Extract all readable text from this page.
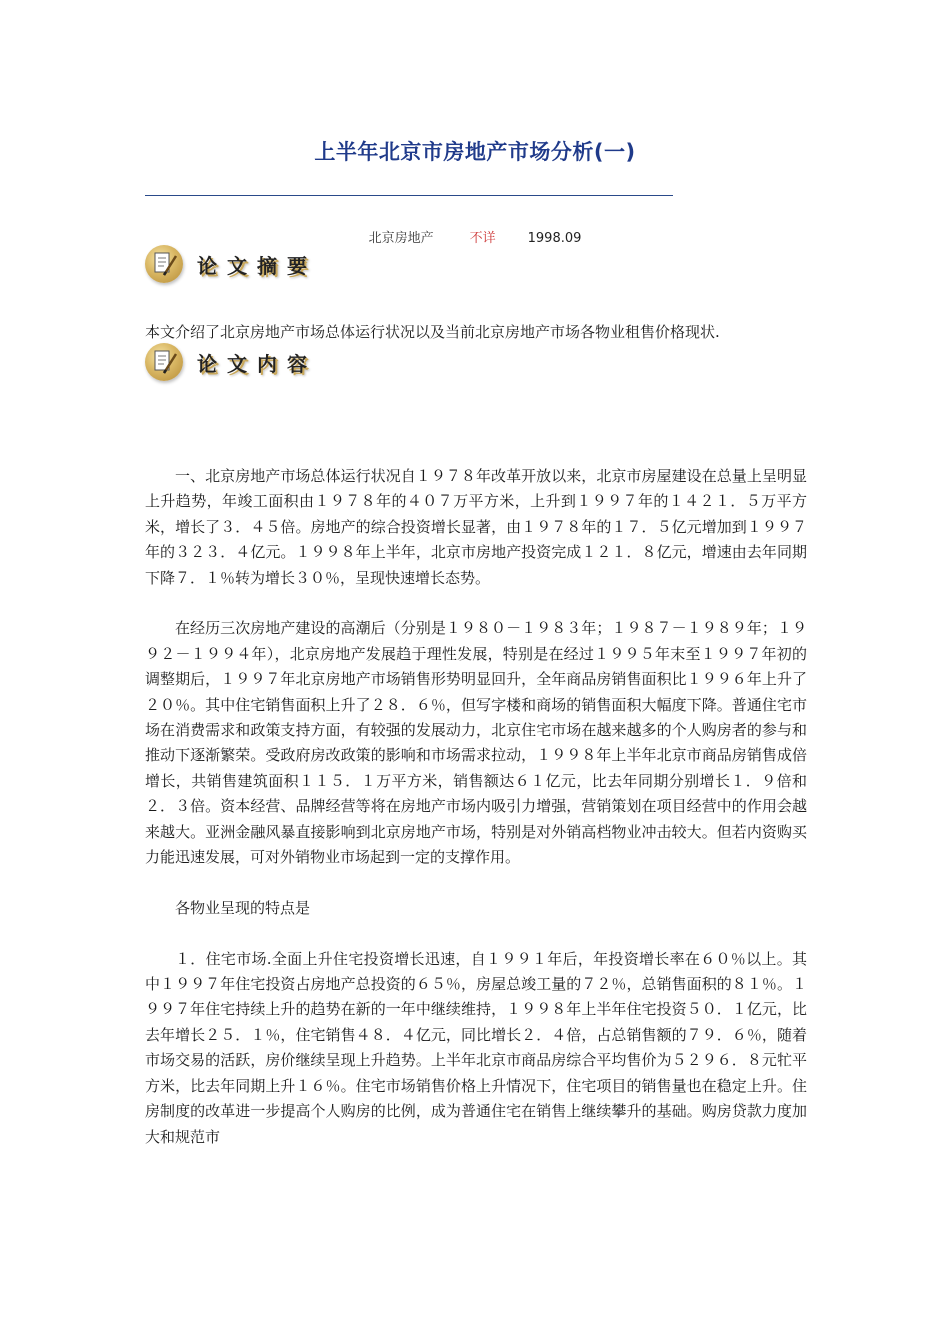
上半年北京市房地产市场分析(一)
北京房地产	不详 1998.09
论文摘要
本文介绍了北京房地产市场总体运行状况以及当前北京房地产市场各物业租售价格现状.
论文内容

一、北京房地产市场总体运行状况自１９７８年改革开放以来，北京市房屋建设在总量上呈明显上升趋势，年竣工面积由１９７８年的４０７万平方米，上升到１９９７年的１４２１．５万平方米，增长了３．４５倍。房地产的综合投资增长显著，由１９７８年的１７．５亿元增加到１９９７年的３２３．４亿元。１９９８年上半年，北京市房地产投资完成１２１．８亿元，增速由去年同期下降７．１％转为增长３０％，呈现快速增长态势。

在经历三次房地产建设的高潮后（分别是１９８０－１９８３年；１９８７－１９８９年；１９９２－１９９４年），北京房地产发展趋于理性发展，特别是在经过１９９５年末至１９９７年初的调整期后，１９９７年北京房地产市场销售形势明显回升，全年商品房销售面积比１９９６年上升了２０％。其中住宅销售面积上升了２８．６％，但写字楼和商场的销售面积大幅度下降。普通住宅市场在消费需求和政策支持方面，有较强的发展动力，北京住宅市场在越来越多的个人购房者的参与和推动下逐渐繁荣。受政府房改政策的影响和市场需求拉动，１９９８年上半年北京市商品房销售成倍增长，共销售建筑面积１１５．１万平方米，销售额达６１亿元，比去年同期分别增长１．９倍和２．３倍。资本经营、品牌经营等将在房地产市场内吸引力增强，营销策划在项目经营中的作用会越来越大。亚洲金融风暴直接影响到北京房地产市场，特别是对外销高档物业冲击较大。但若内资购买力能迅速发展，可对外销物业市场起到一定的支撑作用。

各物业呈现的特点是

１．住宅市场.全面上升住宅投资增长迅速，自１９９１年后，年投资增长率在６０％以上。其中１９９７年住宅投资占房地产总投资的６５％，房屋总竣工量的７２％，总销售面积的８１％。１９９７年住宅持续上升的趋势在新的一年中继续维持，１９９８年上半年住宅投资５０．１亿元，比去年增长２５．１％，住宅销售４８．４亿元，同比增长２．４倍，占总销售额的７９．６％，随着市场交易的活跃，房价继续呈现上升趋势。上半年北京市商品房综合平均售价为５２９６．８元牤平方米，比去年同期上升１６％。住宅市场销售价格上升情况下，住宅项目的销售量也在稳定上升。住房制度的改革进一步提高个人购房的比例，成为普通住宅在销售上继续攀升的基础。购房贷款力度加大和规范市
